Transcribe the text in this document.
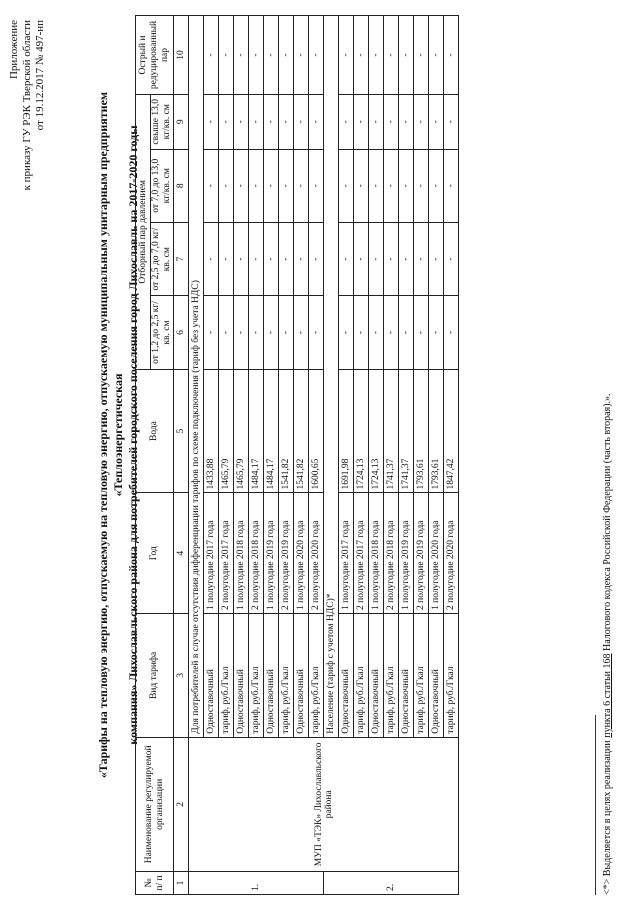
Приложение к приказу ГУ РЭК Тверской области от 19.12.2017 № 497-нп
«Тарифы на тепловую энергию, отпускаемую на тепловую энергию, отпускаемую муниципальным унитарным предприятием «Теплоэнергетическая компания» Лихославльского района для потребителей городского поселения город Лихославль на 2017-2020 годы
№ п/ п	Наименование регулируемой организации	Вид тарифа	Год	Вода	Отборный пар давлением				Острый и редуцированный пар
					от 1,2 до 2,5 кг/кв. см	от 2,5 до 7,0 кг/кв. см	от 7,0 до 13,0 кг/кв. см	свыше 13,0 кг/кв. см	
1	2	3	4	5	6	7	8	9	10
1.	МУП «ТЭК» Лихославльского района	Для потребителей в случае отсутствия дифференциации тарифов по схеме подключения (тариф без учета НДС)							
		Одноставочный	1 полугодие 2017 года	1433,88	-	-	-	-	-
		тариф, руб./Гкал	2 полугодие 2017 года	1465,79	-	-	-	-	-
		Одноставочный	1 полугодие 2018 года	1465,79	-	-	-	-	-
		тариф, руб./Гкал	2 полугодие 2018 года	1484,17	-	-	-	-	-
		Одноставочный	1 полугодие 2019 года	1484,17	-	-	-	-	-
		тариф, руб./Гкал	2 полугодие 2019 года	1541,82	-	-	-	-	-
		Одноставочный	1 полугодие 2020 года	1541,82	-	-	-	-	-
		тариф, руб./Гкал	2 полугодие 2020 года	1600,65	-	-	-	-	-
2.		Население (тариф с учетом НДС)*							
		Одноставочный	1 полугодие 2017 года	1691,98	-	-	-	-	-
		тариф, руб./Гкал	2 полугодие 2017 года	1724,13	-	-	-	-	-
		Одноставочный	1 полугодие 2018 года	1724,13	-	-	-	-	-
		тариф, руб./Гкал	2 полугодие 2018 года	1741,37	-	-	-	-	-
		Одноставочный	1 полугодие 2019 года	1741,37	-	-	-	-	-
		тариф, руб./Гкал	2 полугодие 2019 года	1793,61	-	-	-	-	-
		Одноставочный	1 полугодие 2020 года	1793,61	-	-	-	-	-
		тариф, руб./Гкал	2 полугодие 2020 года	1847,42	-	-	-	-	-
<*> Выделяется в целях реализации пункта 6 статьи 168 Налогового кодекса Российской Федерации (часть вторая).».
